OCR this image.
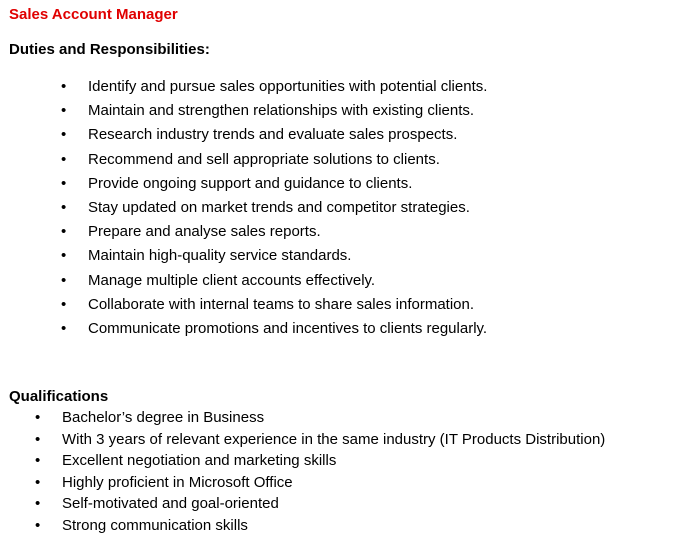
Sales Account Manager
Duties and Responsibilities:
• Identify and pursue sales opportunities with potential clients.
• Maintain and strengthen relationships with existing clients.
• Research industry trends and evaluate sales prospects.
• Recommend and sell appropriate solutions to clients.
• Provide ongoing support and guidance to clients.
• Stay updated on market trends and competitor strategies.
• Prepare and analyse sales reports.
• Maintain high-quality service standards.
• Manage multiple client accounts effectively.
• Collaborate with internal teams to share sales information.
• Communicate promotions and incentives to clients regularly.
Qualifications
• Bachelor’s degree in Business
• With 3 years of relevant experience in the same industry (IT Products Distribution)
• Excellent negotiation and marketing skills
• Highly proficient in Microsoft Office
• Self-motivated and goal-oriented
• Strong communication skills
